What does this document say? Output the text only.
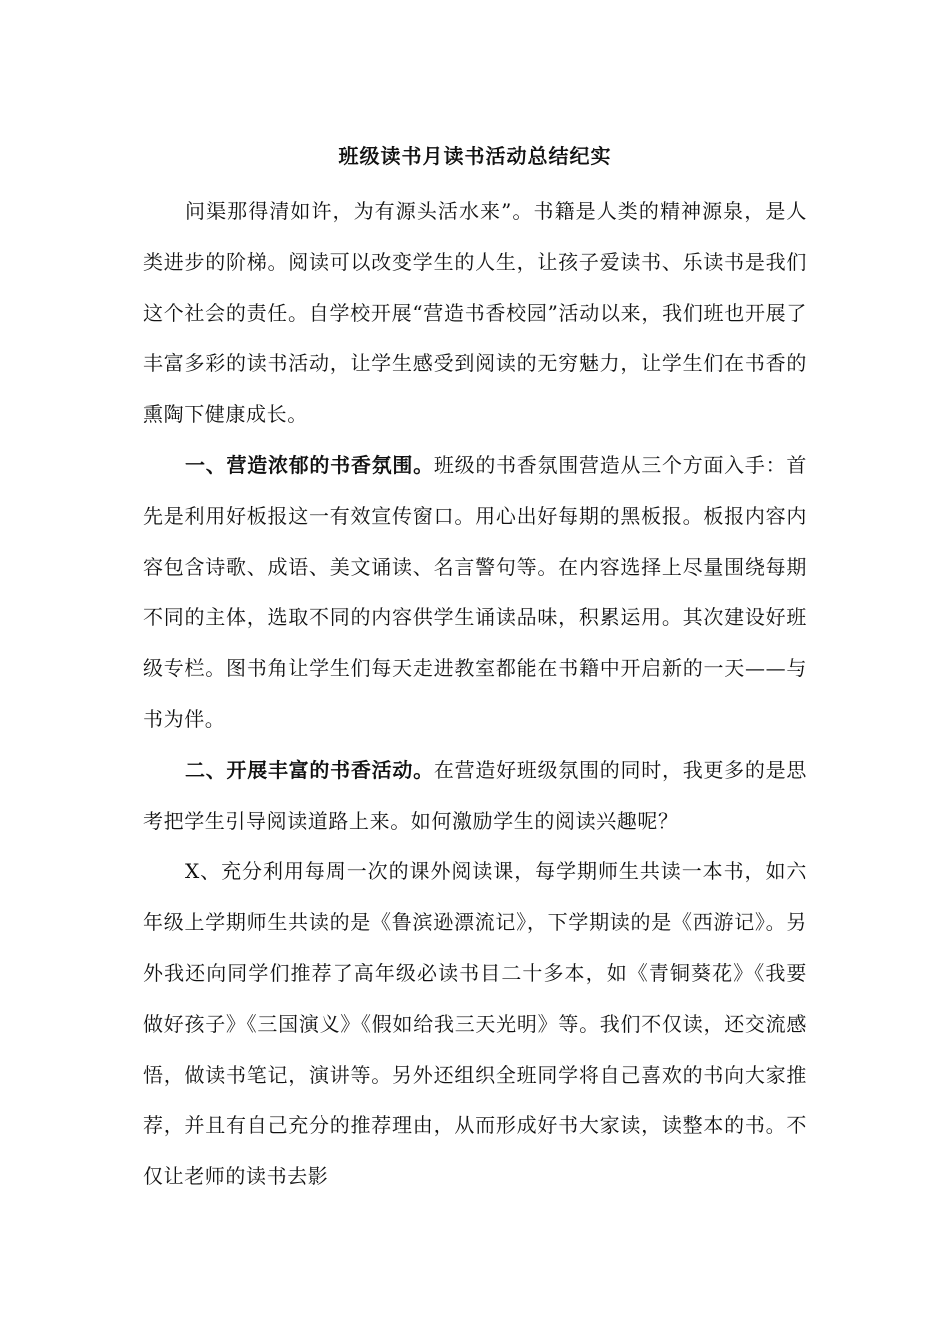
班级读书月读书活动总结纪实

问渠那得清如许，为有源头活水来”。书籍是人类的精神源泉，是人类进步的阶梯。阅读可以改变学生的人生，让孩子爱读书、乐读书是我们这个社会的责任。自学校开展“营造书香校园”活动以来，我们班也开展了丰富多彩的读书活动，让学生感受到阅读的无穷魅力，让学生们在书香的熏陶下健康成长。

一、营造浓郁的书香氛围。班级的书香氛围营造从三个方面入手：首先是利用好板报这一有效宣传窗口。用心出好每期的黑板报。板报内容内容包含诗歌、成语、美文诵读、名言警句等。在内容选择上尽量围绕每期不同的主体，选取不同的内容供学生诵读品味，积累运用。其次建设好班级专栏。图书角让学生们每天走进教室都能在书籍中开启新的一天——与书为伴。

二、开展丰富的书香活动。在营造好班级氛围的同时，我更多的是思考把学生引导阅读道路上来。如何激励学生的阅读兴趣呢？

X、充分利用每周一次的课外阅读课，每学期师生共读一本书，如六年级上学期师生共读的是《鲁滨逊漂流记》，下学期读的是《西游记》。另外我还向同学们推荐了高年级必读书目二十多本，如《青铜葵花》《我要做好孩子》《三国演义》《假如给我三天光明》等。我们不仅读，还交流感悟，做读书笔记，演讲等。另外还组织全班同学将自己喜欢的书向大家推荐，并且有自己充分的推荐理由，从而形成好书大家读，读整本的书。不仅让老师的读书去影
